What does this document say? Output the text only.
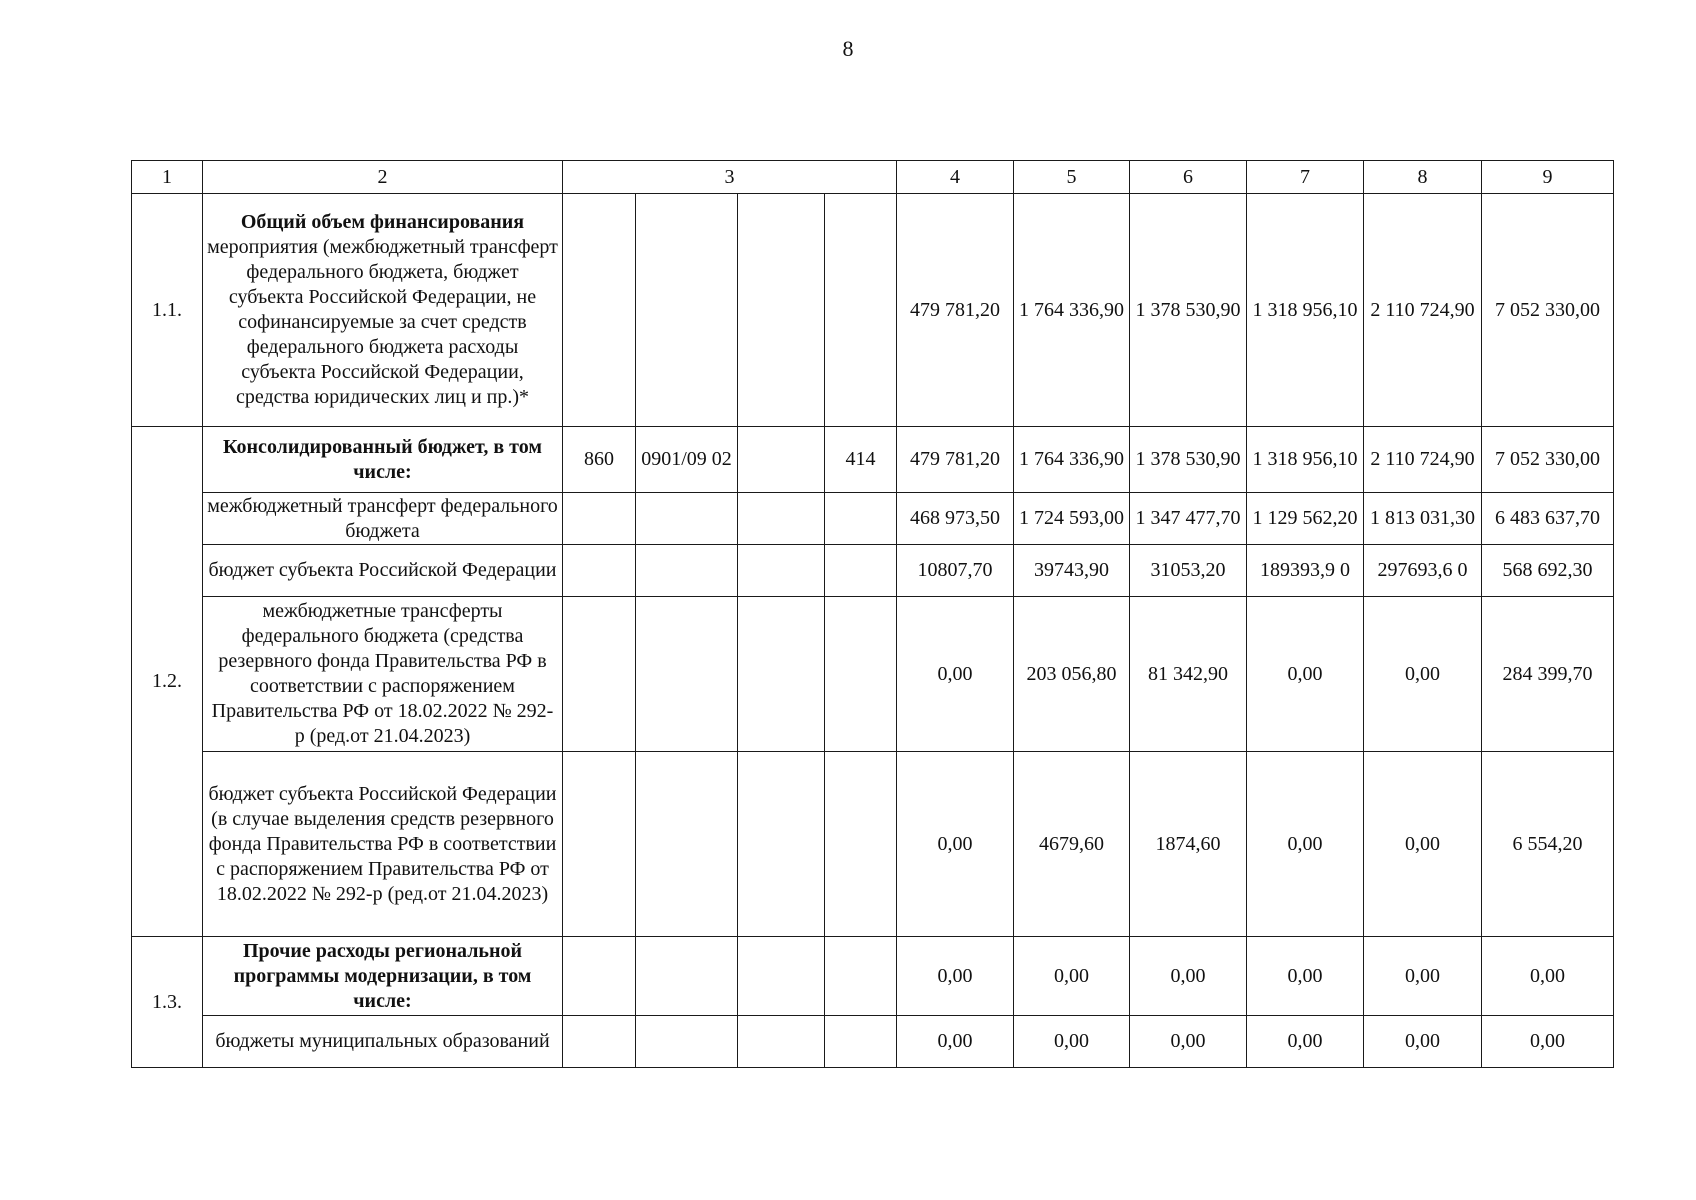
8
1	2	3				4	5	6	7	8	9
1.1.	Общий объем финансирования мероприятия (межбюджетный трансферт федерального бюджета, бюджет субъекта Российской Федерации, не софинансируемые за счет средств федерального бюджета расходы субъекта Российской Федерации, средства юридических лиц и пр.)*					479 781,20	1 764 336,90	1 378 530,90	1 318 956,10	2 110 724,90	7 052 330,00
1.2.	Консолидированный бюджет, в том числе:	860	0901/09 02		414	479 781,20	1 764 336,90	1 378 530,90	1 318 956,10	2 110 724,90	7 052 330,00
	межбюджетный трансферт федерального бюджета					468 973,50	1 724 593,00	1 347 477,70	1 129 562,20	1 813 031,30	6 483 637,70
	бюджет субъекта Российской Федерации					10807,70	39743,90	31053,20	189393,9 0	297693,6 0	568 692,30
	межбюджетные трансферты федерального бюджета (средства резервного фонда Правительства РФ в соответствии с распоряжением Правительства РФ от 18.02.2022 № 292-р (ред.от 21.04.2023)					0,00	203 056,80	81 342,90	0,00	0,00	284 399,70
	бюджет субъекта Российской Федерации (в случае выделения средств резервного фонда Правительства РФ в соответствии с распоряжением Правительства РФ от 18.02.2022 № 292-р (ред.от 21.04.2023)					0,00	4679,60	1874,60	0,00	0,00	6 554,20
1.3.	Прочие расходы региональной программы модернизации, в том числе:					0,00	0,00	0,00	0,00	0,00	0,00
	бюджеты муниципальных образований					0,00	0,00	0,00	0,00	0,00	0,00
